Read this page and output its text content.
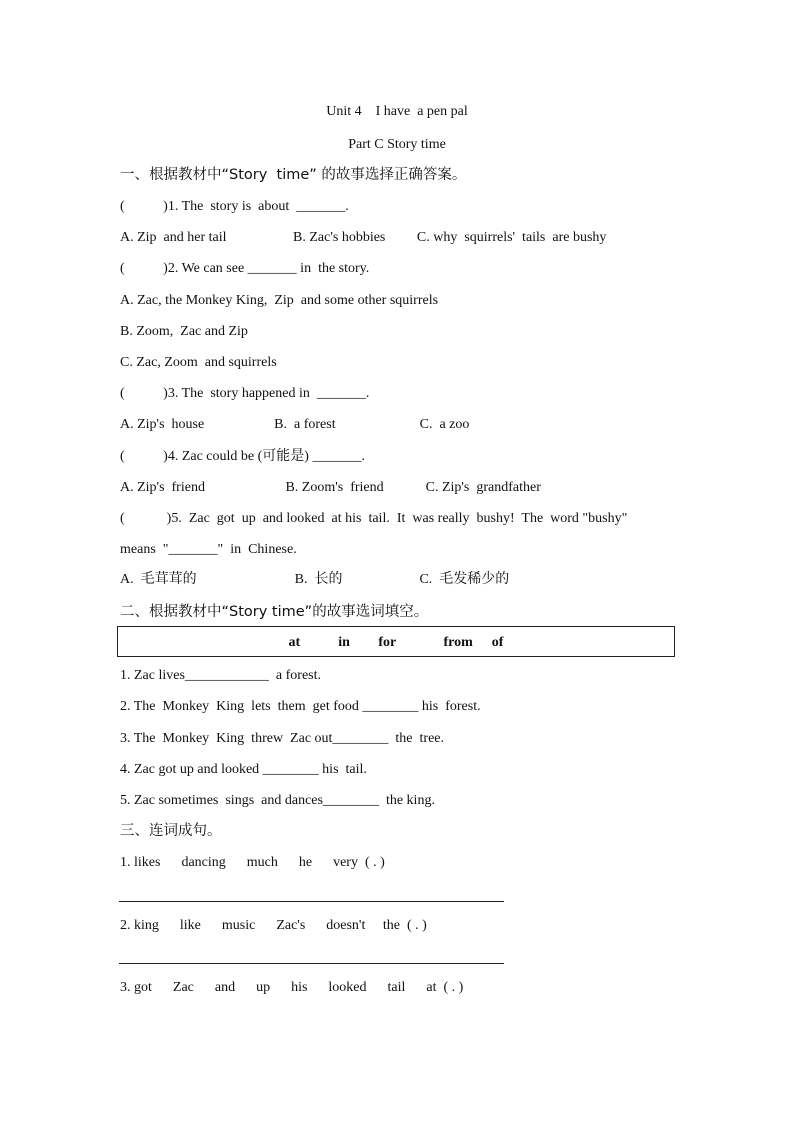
Unit 4    I have  a pen pal
Part C Story time
一、根据教材中“Story  time” 的故事选择正确答案。
(           )1. The  story is  about  _______.
A. Zip  and her tail                   B. Zac's hobbies         C. why  squirrels'  tails  are bushy
(           )2. We can see _______ in  the story.
A. Zac, the Monkey King,  Zip  and some other squirrels
B. Zoom,  Zac and Zip
C. Zac, Zoom  and squirrels
(           )3. The  story happened in  _______.
A. Zip's  house                    B.  a forest                        C.  a zoo
(           )4. Zac could be (可能是) _______.
A. Zip's  friend                       B. Zoom's  friend            C. Zip's  grandfather
(            )5.  Zac  got  up  and looked  at his  tail.  It  was really  bushy!  The  word "bushy"
means  "_______"  in  Chinese.
A.  毛茸茸的                            B.  长的                      C.  毛发稀少的
二、根据教材中“Story time”的故事选词填空。
at    in   for     from  of
1. Zac lives____________  a forest.
2. The  Monkey  King  lets  them  get food ________ his  forest.
3. The  Monkey  King  threw  Zac out________  the  tree.
4. Zac got up and looked ________ his  tail.
5. Zac sometimes  sings  and dances________  the king.
三、连词成句。
1. likes      dancing      much      he      very  ( . )
2. king      like      music      Zac's      doesn't     the  ( . )
3. got      Zac      and      up      his      looked      tail      at  ( . )
